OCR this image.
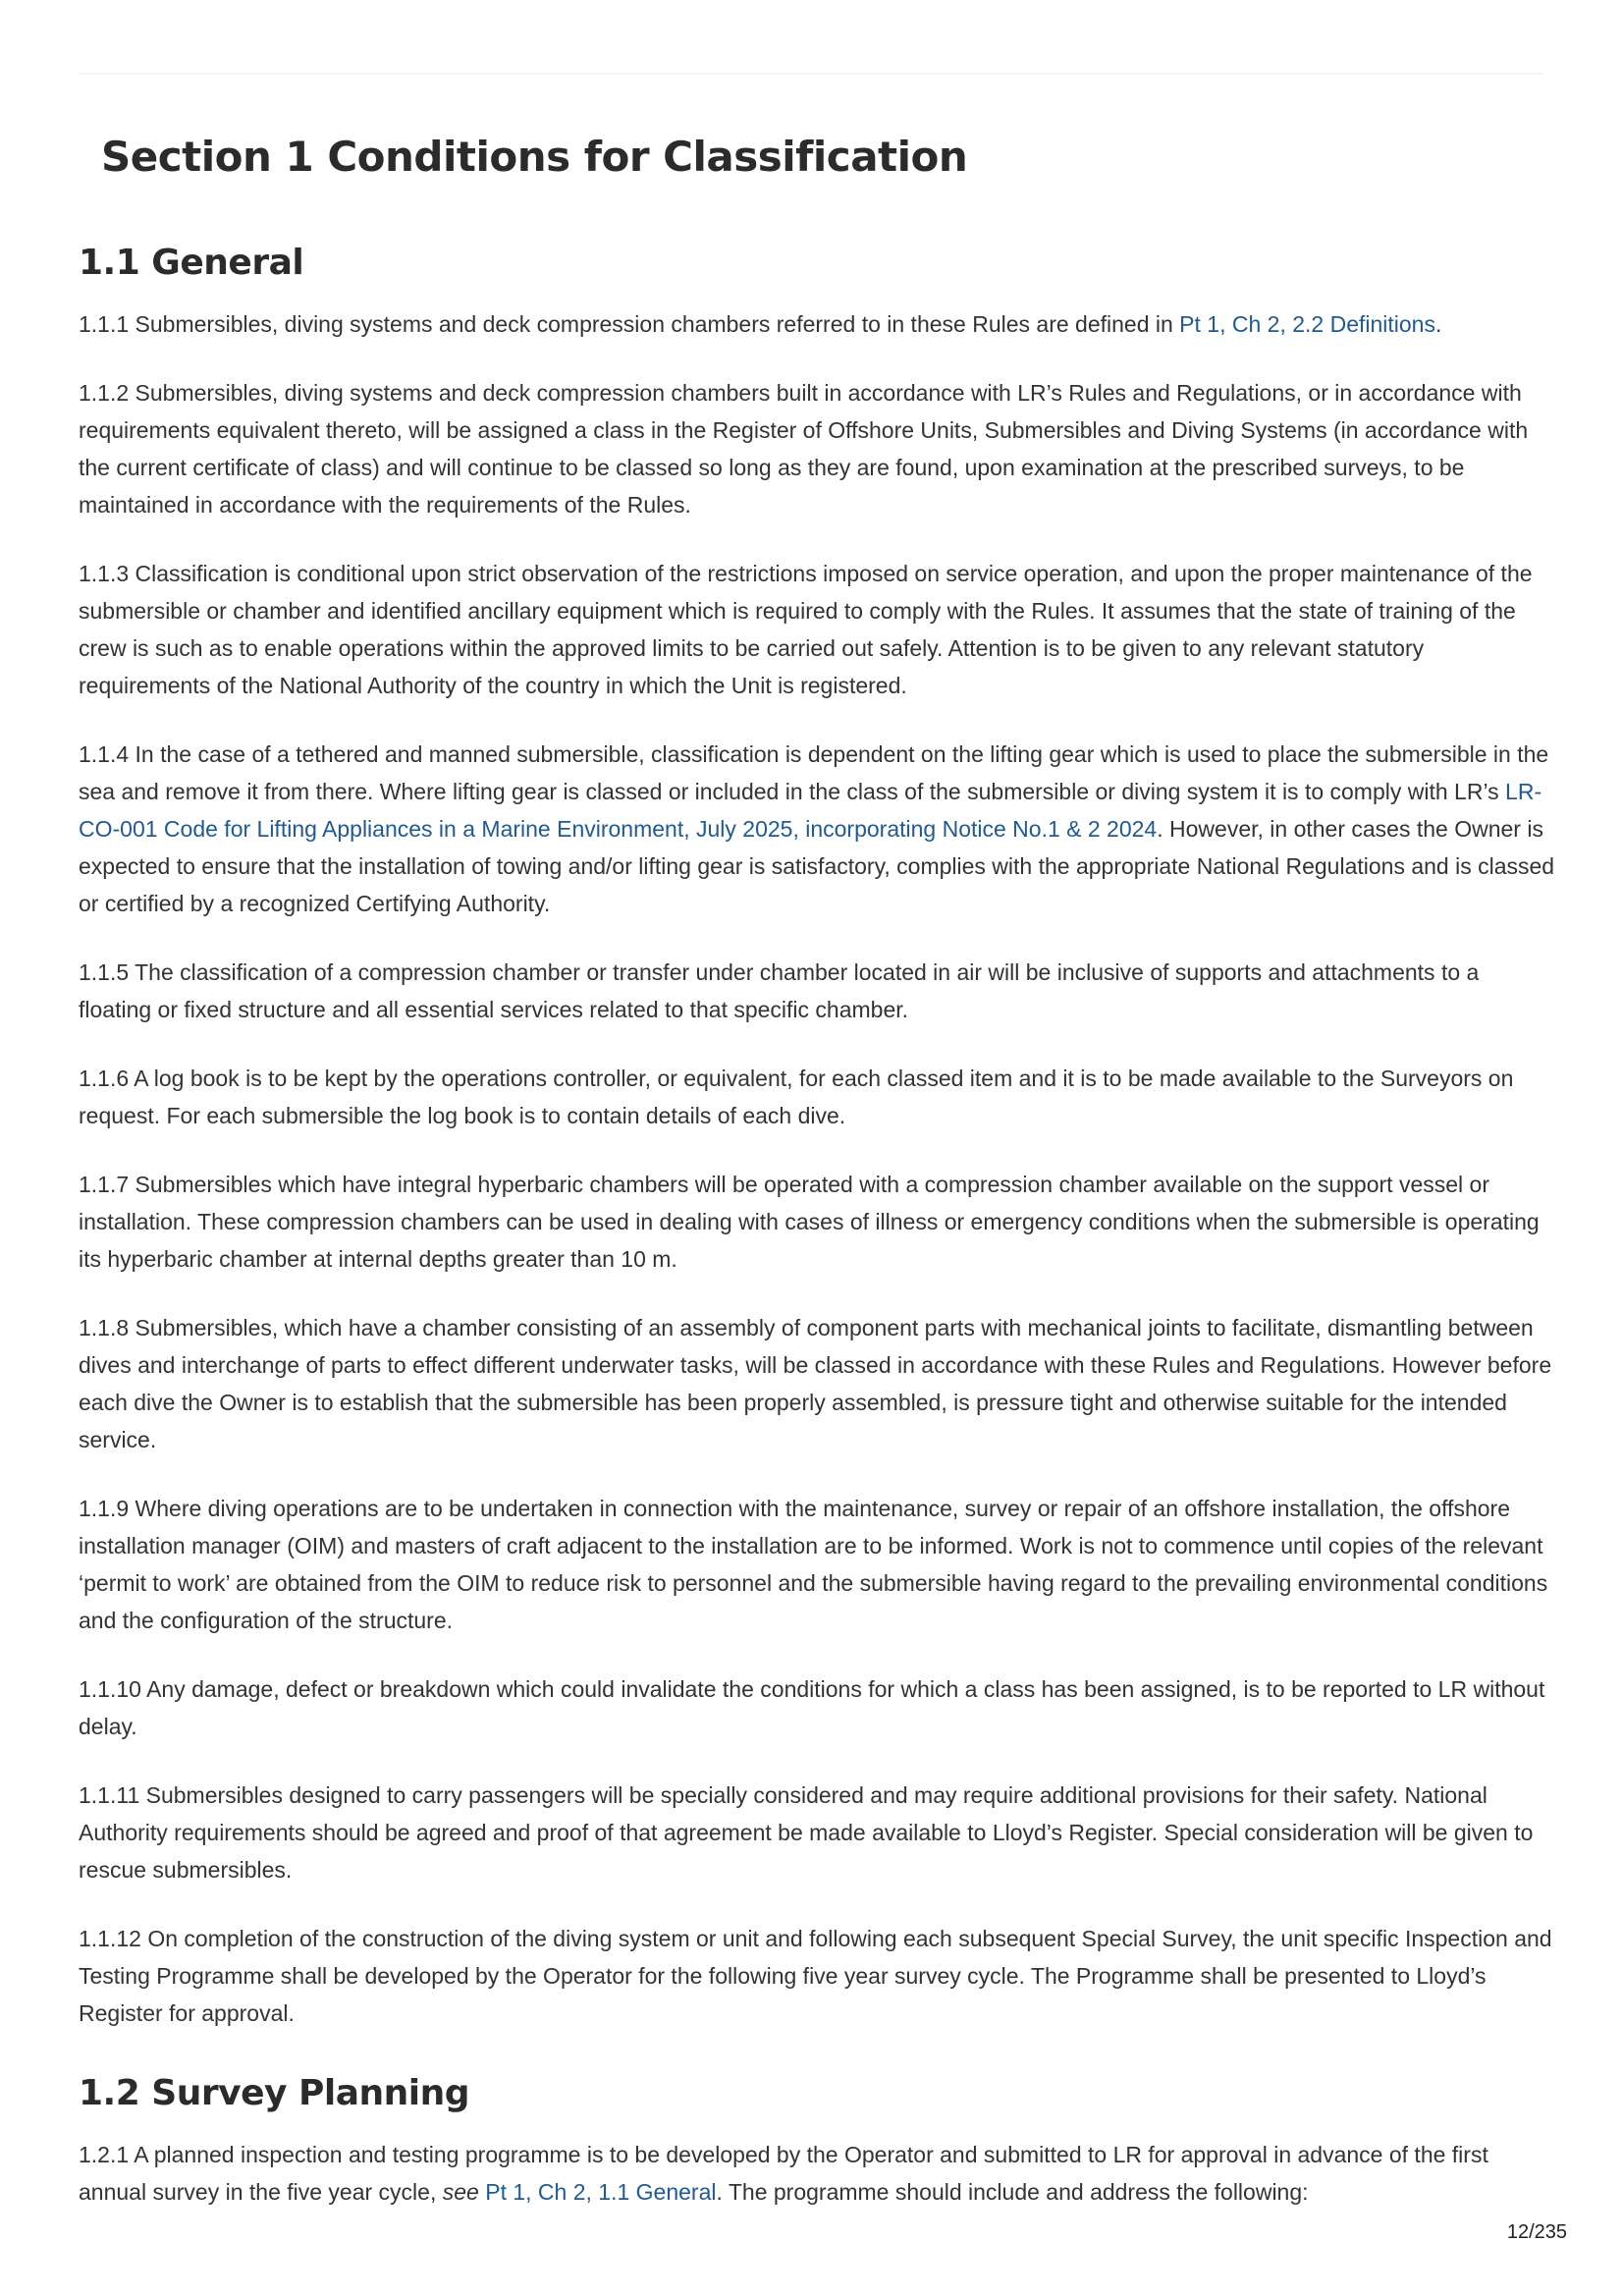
Section 1 Conditions for Classification
1.1 General

1.1.1 Submersibles, diving systems and deck compression chambers referred to in these Rules are defined in Pt 1, Ch 2, 2.2 Definitions.

1.1.2 Submersibles, diving systems and deck compression chambers built in accordance with LR’s Rules and Regulations, or in accordance with requirements equivalent thereto, will be assigned a class in the Register of Offshore Units, Submersibles and Diving Systems (in accordance with the current certificate of class) and will continue to be classed so long as they are found, upon examination at the prescribed surveys, to be maintained in accordance with the requirements of the Rules.

1.1.3 Classification is conditional upon strict observation of the restrictions imposed on service operation, and upon the proper maintenance of the submersible or chamber and identified ancillary equipment which is required to comply with the Rules. It assumes that the state of training of the crew is such as to enable operations within the approved limits to be carried out safely. Attention is to be given to any relevant statutory requirements of the National Authority of the country in which the Unit is registered.

1.1.4 In the case of a tethered and manned submersible, classification is dependent on the lifting gear which is used to place the submersible in the sea and remove it from there. Where lifting gear is classed or included in the class of the submersible or diving system it is to comply with LR’s LR-CO-001 Code for Lifting Appliances in a Marine Environment, July 2025, incorporating Notice No.1 & 2 2024. However, in other cases the Owner is expected to ensure that the installation of towing and/or lifting gear is satisfactory, complies with the appropriate National Regulations and is classed or certified by a recognized Certifying Authority.

1.1.5 The classification of a compression chamber or transfer under chamber located in air will be inclusive of supports and attachments to a floating or fixed structure and all essential services related to that specific chamber.

1.1.6 A log book is to be kept by the operations controller, or equivalent, for each classed item and it is to be made available to the Surveyors on request. For each submersible the log book is to contain details of each dive.

1.1.7 Submersibles which have integral hyperbaric chambers will be operated with a compression chamber available on the support vessel or installation. These compression chambers can be used in dealing with cases of illness or emergency conditions when the submersible is operating its hyperbaric chamber at internal depths greater than 10 m.

1.1.8 Submersibles, which have a chamber consisting of an assembly of component parts with mechanical joints to facilitate, dismantling between dives and interchange of parts to effect different underwater tasks, will be classed in accordance with these Rules and Regulations. However before each dive the Owner is to establish that the submersible has been properly assembled, is pressure tight and otherwise suitable for the intended service.

1.1.9 Where diving operations are to be undertaken in connection with the maintenance, survey or repair of an offshore installation, the offshore installation manager (OIM) and masters of craft adjacent to the installation are to be informed. Work is not to commence until copies of the relevant ‘permit to work’ are obtained from the OIM to reduce risk to personnel and the submersible having regard to the prevailing environmental conditions and the configuration of the structure.

1.1.10 Any damage, defect or breakdown which could invalidate the conditions for which a class has been assigned, is to be reported to LR without delay.

1.1.11 Submersibles designed to carry passengers will be specially considered and may require additional provisions for their safety. National Authority requirements should be agreed and proof of that agreement be made available to Lloyd’s Register. Special consideration will be given to rescue submersibles.

1.1.12 On completion of the construction of the diving system or unit and following each subsequent Special Survey, the unit specific Inspection and Testing Programme shall be developed by the Operator for the following five year survey cycle. The Programme shall be presented to Lloyd’s Register for approval.

1.2 Survey Planning

1.2.1 A planned inspection and testing programme is to be developed by the Operator and submitted to LR for approval in advance of the first annual survey in the five year cycle, see Pt 1, Ch 2, 1.1 General. The programme should include and address the following:

12/235
